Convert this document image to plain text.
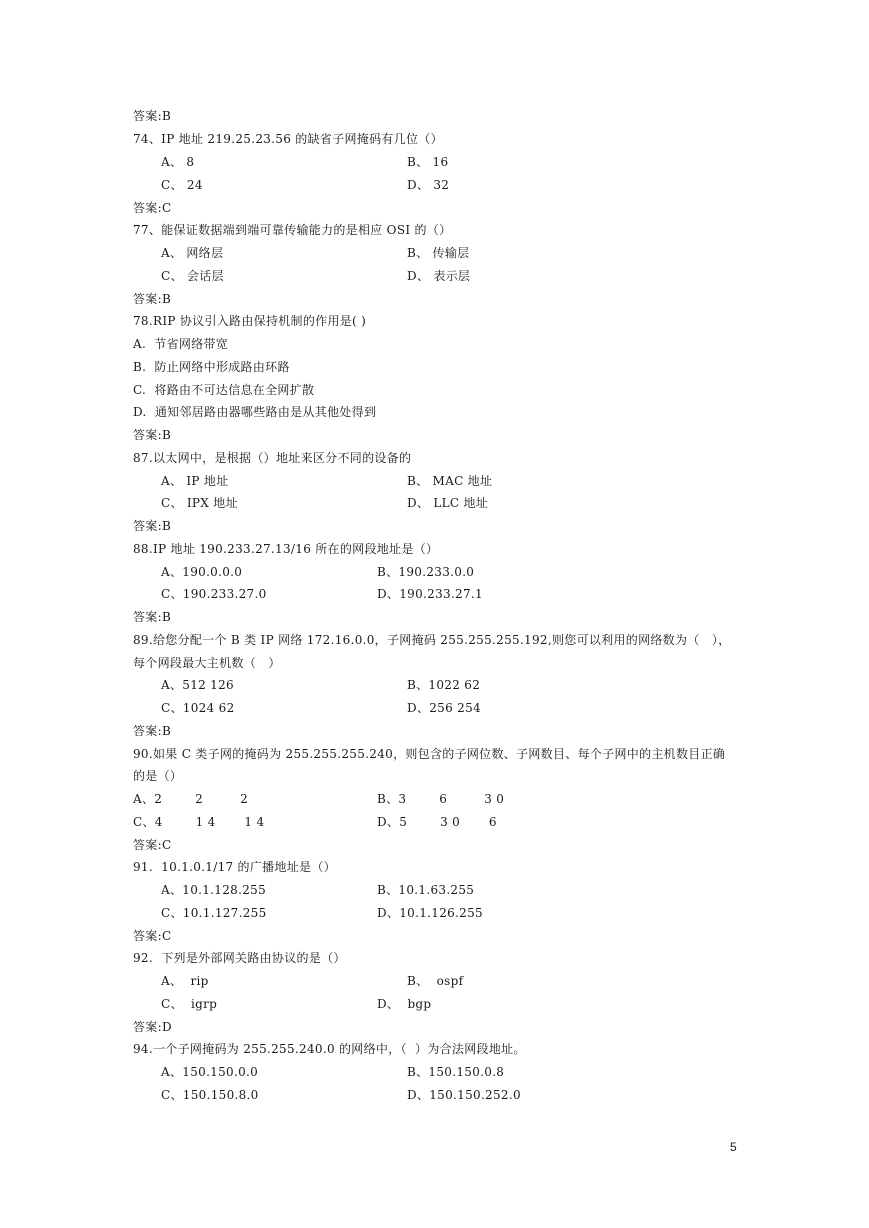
答案:B
74、IP 地址 219.25.23.56 的缺省子网掩码有几位（）
A、 8	B、 16
C、 24	D、 32
答案:C
77、能保证数据端到端可靠传输能力的是相应 OSI 的（）
A、 网络层	B、 传输层
C、 会话层	D、 表示层
答案:B
78.RIP 协议引入路由保持机制的作用是( )
A.  节省网络带宽
B.  防止网络中形成路由环路
C.  将路由不可达信息在全网扩散
D.  通知邻居路由器哪些路由是从其他处得到
答案:B
87.以太网中，是根据（）地址来区分不同的设备的
A、 IP 地址	B、 MAC 地址
C、 IPX 地址	D、 LLC 地址
答案:B
88.IP 地址 190.233.27.13/16 所在的网段地址是（）
A、190.0.0.0	B、190.233.0.0
C、190.233.27.0	D、190.233.27.1
答案:B
89.给您分配一个 B 类 IP 网络 172.16.0.0，子网掩码 255.255.255.192,则您可以利用的网络数为（   ），
每个网段最大主机数（   ）
A、512 126	B、1022 62
C、1024 62	D、256 254
答案:B
90.如果 C 类子网的掩码为 255.255.255.240，则包含的子网位数、子网数目、每个子网中的主机数目正确
的是（）
A、2        2         2	B、3        6         3 0
C、4        1 4       1 4	D、5        3 0       6
答案:C
91.  10.1.0.1/17 的广播地址是（）
A、10.1.128.255	B、10.1.63.255
C、10.1.127.255	D、10.1.126.255
答案:C
92.  下列是外部网关路由协议的是（）
A、  rip	B、  ospf
C、  igrp	D、  bgp
答案:D
94.一个子网掩码为 255.255.240.0 的网络中，（  ）为合法网段地址。
A、150.150.0.0	B、150.150.0.8
C、150.150.8.0	D、150.150.252.0
5
